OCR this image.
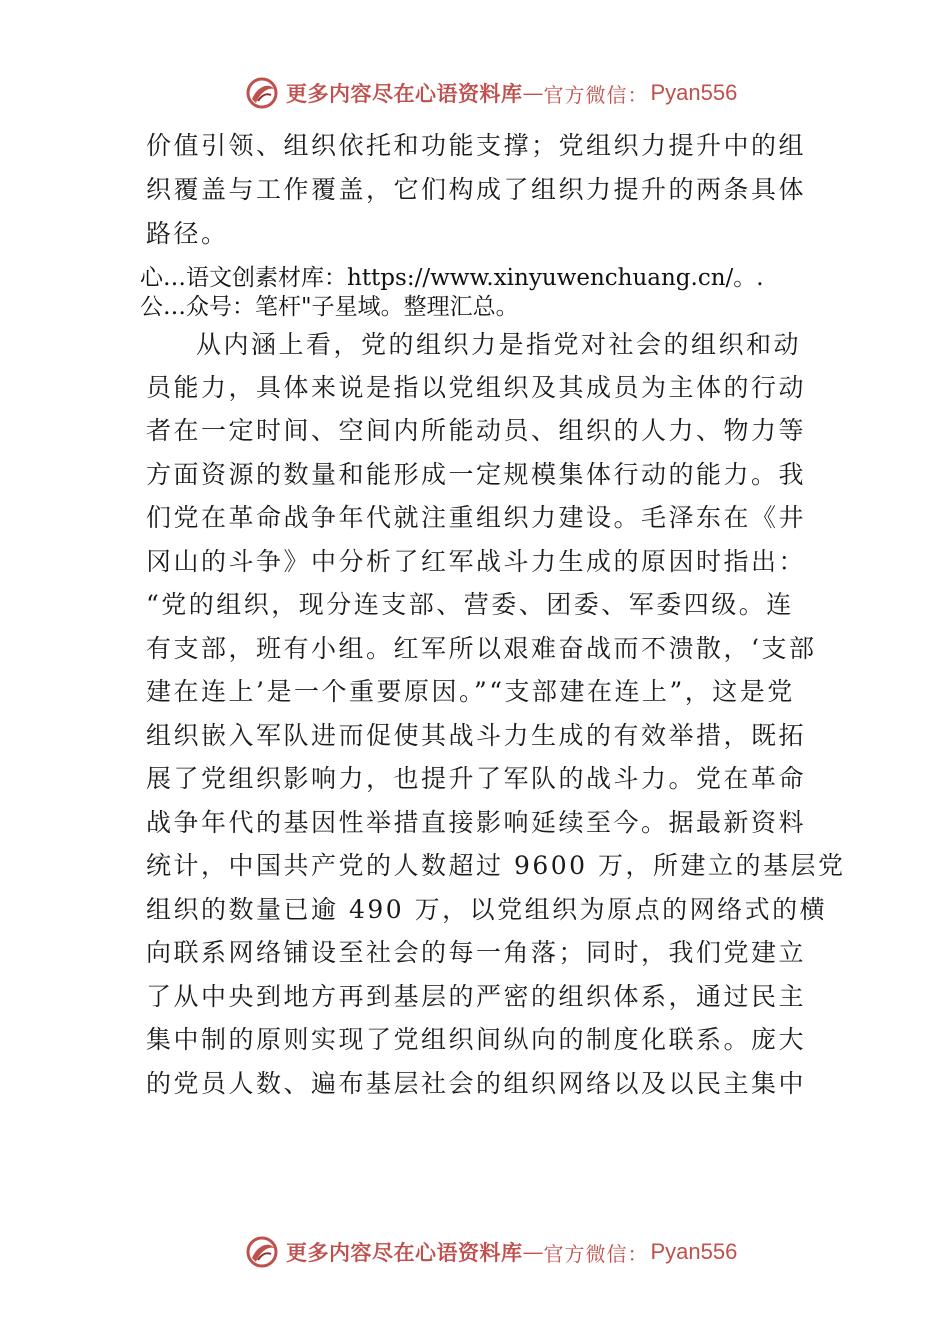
更多内容尽在心语资料库 — 官方微信： Pyan556
价值引领、组织依托和功能支撑；党组织力提升中的组
织覆盖与工作覆盖，它们构成了组织力提升的两条具体
路径。
心…语文创素材库：https://www.xinyuwenchuang.cn/。.
公…众号：笔杆"子星域。整理汇总。
从内涵上看，党的组织力是指党对社会的组织和动
员能力，具体来说是指以党组织及其成员为主体的行动
者在一定时间、空间内所能动员、组织的人力、物力等
方面资源的数量和能形成一定规模集体行动的能力。我
们党在革命战争年代就注重组织力建设。毛泽东在《井
冈山的斗争》中分析了红军战斗力生成的原因时指出：
“党的组织，现分连支部、营委、团委、军委四级。连
有支部，班有小组。红军所以艰难奋战而不溃散，‘支部
建在连上’是一个重要原因。”“支部建在连上”，这是党
组织嵌入军队进而促使其战斗力生成的有效举措，既拓
展了党组织影响力，也提升了军队的战斗力。党在革命
战争年代的基因性举措直接影响延续至今。据最新资料
统计，中国共产党的人数超过 9600 万，所建立的基层党
组织的数量已逾 490 万，以党组织为原点的网络式的横
向联系网络铺设至社会的每一角落；同时，我们党建立
了从中央到地方再到基层的严密的组织体系，通过民主
集中制的原则实现了党组织间纵向的制度化联系。庞大
的党员人数、遍布基层社会的组织网络以及以民主集中
更多内容尽在心语资料库 — 官方微信： Pyan556
